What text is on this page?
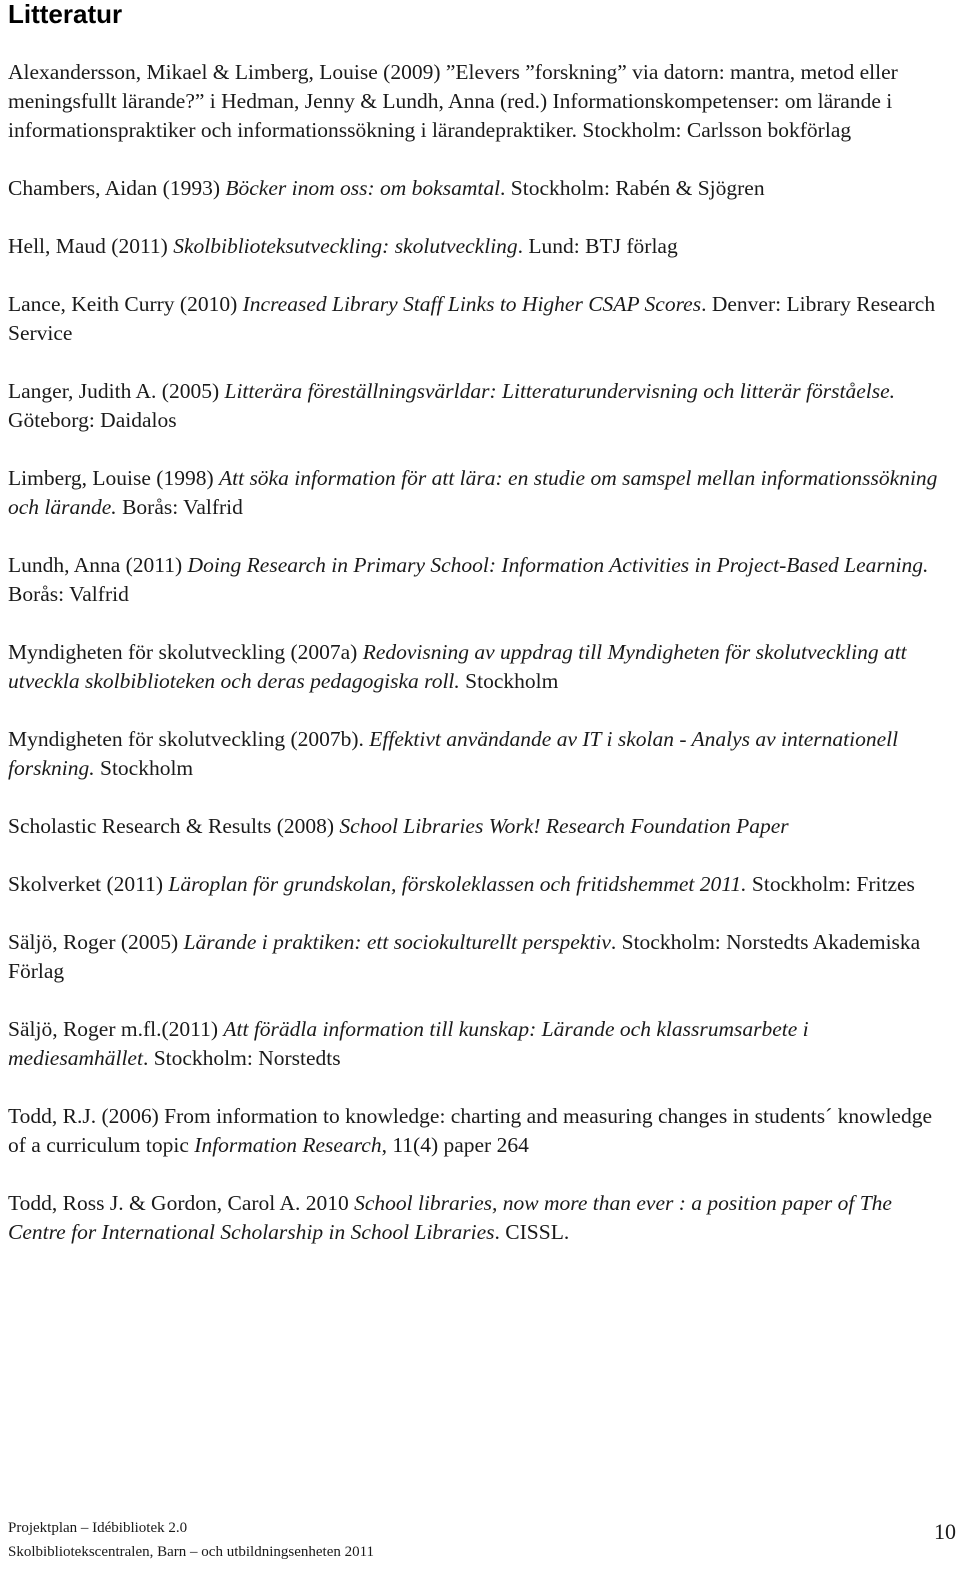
Litteratur
Alexandersson, Mikael & Limberg, Louise (2009) ”Elevers ”forskning” via datorn: mantra, metod eller meningsfullt lärande?” i Hedman, Jenny & Lundh, Anna (red.) Informationskompetenser: om lärande i informationspraktiker och informationssökning i lärandepraktiker. Stockholm: Carlsson bokförlag
Chambers, Aidan (1993) Böcker inom oss: om boksamtal. Stockholm: Rabén & Sjögren
Hell, Maud (2011) Skolbiblioteksutveckling: skolutveckling. Lund: BTJ förlag
Lance, Keith Curry (2010) Increased Library Staff Links to Higher CSAP Scores. Denver: Library Research Service
Langer, Judith A. (2005) Litterära föreställningsvärldar: Litteraturundervisning och litterär förståelse. Göteborg: Daidalos
Limberg, Louise (1998) Att söka information för att lära: en studie om samspel mellan informationssökning och lärande. Borås: Valfrid
Lundh, Anna (2011) Doing Research in Primary School: Information Activities in Project-Based Learning. Borås: Valfrid
Myndigheten för skolutveckling (2007a) Redovisning av uppdrag till Myndigheten för skolutveckling att utveckla skolbiblioteken och deras pedagogiska roll. Stockholm
Myndigheten för skolutveckling (2007b). Effektivt användande av IT i skolan - Analys av internationell forskning. Stockholm
Scholastic Research & Results (2008) School Libraries Work! Research Foundation Paper
Skolverket (2011) Läroplan för grundskolan, förskoleklassen och fritidshemmet 2011. Stockholm: Fritzes
Säljö, Roger (2005) Lärande i praktiken: ett sociokulturellt perspektiv. Stockholm: Norstedts Akademiska Förlag
Säljö, Roger m.fl.(2011) Att förädla information till kunskap: Lärande och klassrumsarbete i mediesamhället. Stockholm: Norstedts
Todd, R.J. (2006) From information to knowledge: charting and measuring changes in students´ knowledge of a curriculum topic Information Research, 11(4) paper 264
Todd, Ross J. & Gordon, Carol A. 2010 School libraries, now more than ever : a position paper of The Centre for International Scholarship in School Libraries. CISSL.
Projektplan – Idébibliotek 2.0
Skolbibliotekscentralen, Barn – och utbildningsenheten 2011
10
